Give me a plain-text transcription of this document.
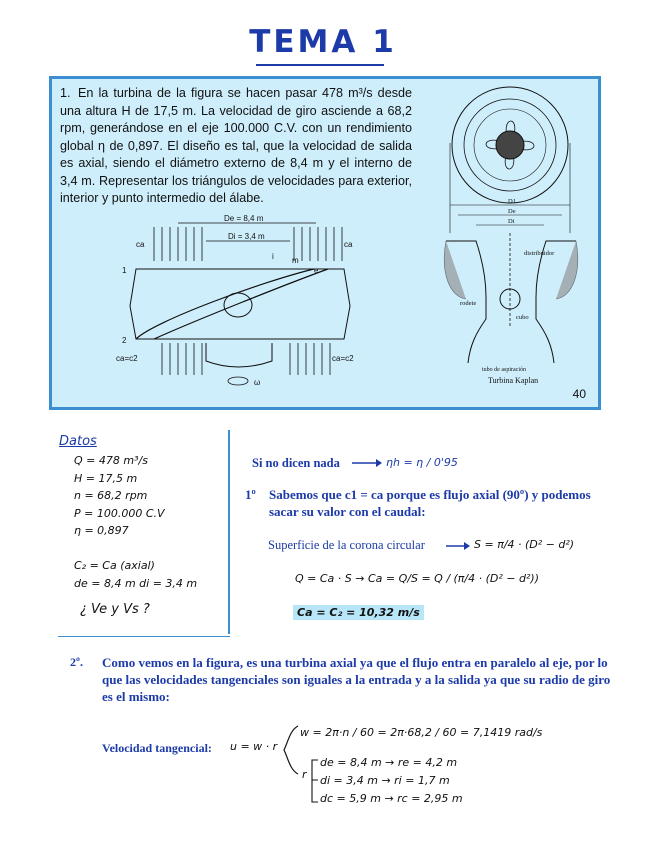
TEMA 1
1. En la turbina de la figura se hacen pasar 478 m³/s desde una altura H de 17,5 m. La velocidad de giro asciende a 68,2 rpm, generándose en el eje 100.000 C.V. con un rendimiento global η de 0,897. El diseño es tal, que la velocidad de salida es axial, siendo el diámetro externo de 8,4 m y el interno de 3,4 m. Representar los triángulos de velocidades para exterior, interior y punto intermedio del álabe.
De = 8,4 m
Di = 3,4 m
ca	ca
1
2
i m
e
ca=c2	ca=c2
ω
D1
De
Di
distribuidor
rodete
cubo
tubo de aspiración
Turbina Kaplan
40
Datos
Q = 478 m³/s
H = 17,5 m
n = 68,2 rpm
P = 100.000 C.V
η = 0,897
C₂ = Ca (axial)
de = 8,4 m di = 3,4 m
¿ Ve y Vs ?
Si no dicen nada	ηh = η / 0'95
1º Sabemos que c1 = ca porque es flujo axial (90º) y podemos sacar su valor con el caudal:
Superficie de la corona circular	S = π/4 · (D² − d²)
Q = Ca · S → Ca = Q/S = Q / (π/4 · (D² − d²))
Ca = C₂ = 10,32 m/s
2º. Como vemos en la figura, es una turbina axial ya que el flujo entra en paralelo al eje, por lo que las velocidades tangenciales son iguales a la entrada y a la salida ya que su radio de giro es el mismo:
Velocidad tangencial: u = w · r
w = 2π·n / 60 = 2π·68,2 / 60 = 7,1419 rad/s
r
de = 8,4 m → re = 4,2 m
di = 3,4 m → ri = 1,7 m
dc = 5,9 m → rc = 2,95 m
